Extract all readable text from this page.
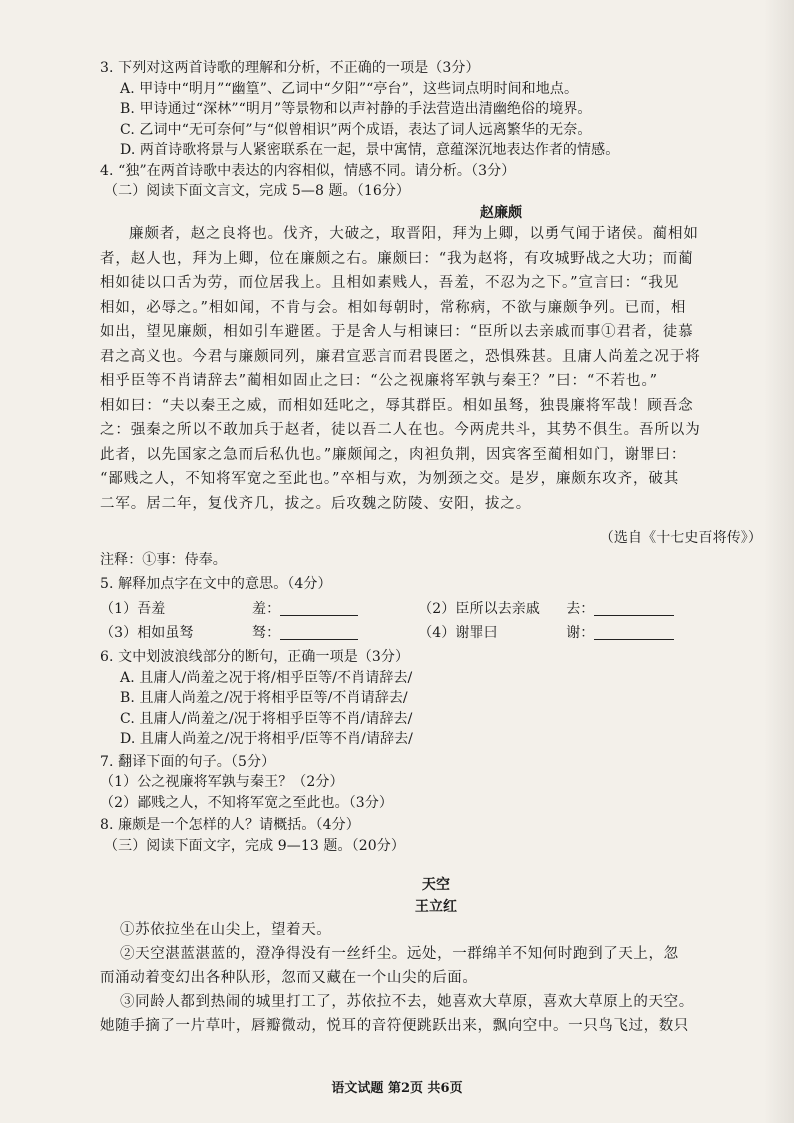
3. 下列对这两首诗歌的理解和分析，不正确的一项是（3分）
A. 甲诗中“明月”“幽篁”、乙词中“夕阳”“亭台”，这些词点明时间和地点。
B. 甲诗通过“深林”“明月”等景物和以声衬静的手法营造出清幽绝俗的境界。
C. 乙词中“无可奈何”与“似曾相识”两个成语，表达了词人远离繁华的无奈。
D. 两首诗歌将景与人紧密联系在一起，景中寓情，意蕴深沉地表达作者的情感。
4. “独”在两首诗歌中表达的内容相似，情感不同。请分析。（3分）
（二）阅读下面文言文，完成 5—8 题。（16分）
赵廉颇
廉颇者，赵之良将也。伐齐，大破之，取晋阳，拜为上卿，以勇气闻于诸侯。蔺相如
者，赵人也，拜为上卿，位在廉颇之右。廉颇曰：“我为赵将，有攻城野战之大功；而蔺
相如徒以口舌为劳，而位居我上。且相如素贱人，吾羞，不忍为之下。”宣言曰：“我见
相如，必辱之。”相如闻，不肯与会。相如每朝时，常称病，不欲与廉颇争列。已而，相
如出，望见廉颇，相如引车避匿。于是舍人与相谏曰：“臣所以去亲戚而事①君者，徒慕
君之高义也。今君与廉颇同列，廉君宣恶言而君畏匿之，恐惧殊甚。且庸人尚羞之况于将
相乎臣等不肖请辞去”蔺相如固止之曰：“公之视廉将军孰与秦王？”曰：“不若也。”
相如曰：“夫以秦王之威，而相如廷叱之，辱其群臣。相如虽驽，独畏廉将军哉！顾吾念
之：强秦之所以不敢加兵于赵者，徒以吾二人在也。今两虎共斗，其势不俱生。吾所以为
此者，以先国家之急而后私仇也。”廉颇闻之，肉袒负荆，因宾客至蔺相如门，谢罪曰：
“鄙贱之人，不知将军宽之至此也。”卒相与欢，为刎颈之交。是岁，廉颇东攻齐，破其
二军。居二年，复伐齐几，拔之。后攻魏之防陵、安阳，拔之。
（选自《十七史百将传》）
注释：①事：侍奉。
5. 解释加点字在文中的意思。（4分）
（1）吾羞	羞：	（2）臣所以去亲戚 去：
（3）相如虽驽	驽：	（4）谢罪曰	谢：
6. 文中划波浪线部分的断句，正确一项是（3分）
A. 且庸人/尚羞之况于将/相乎臣等/不肖请辞去/
B. 且庸人尚羞之/况于将相乎臣等/不肖请辞去/
C. 且庸人/尚羞之/况于将相乎臣等不肖/请辞去/
D. 且庸人尚羞之/况于将相乎/臣等不肖/请辞去/
7. 翻译下面的句子。（5分）
（1）公之视廉将军孰与秦王？（2分）
（2）鄙贱之人，不知将军宽之至此也。（3分）
8. 廉颇是一个怎样的人？请概括。（4分）
（三）阅读下面文字，完成 9—13 题。（20分）
天空
王立红
①苏依拉坐在山尖上，望着天。
②天空湛蓝湛蓝的，澄净得没有一丝纤尘。远处，一群绵羊不知何时跑到了天上，忽
而涌动着变幻出各种队形，忽而又藏在一个山尖的后面。
③同龄人都到热闹的城里打工了，苏依拉不去，她喜欢大草原，喜欢大草原上的天空。
她随手摘了一片草叶，唇瓣微动，悦耳的音符便跳跃出来，飘向空中。一只鸟飞过，数只
语文试题 第2页 共6页
